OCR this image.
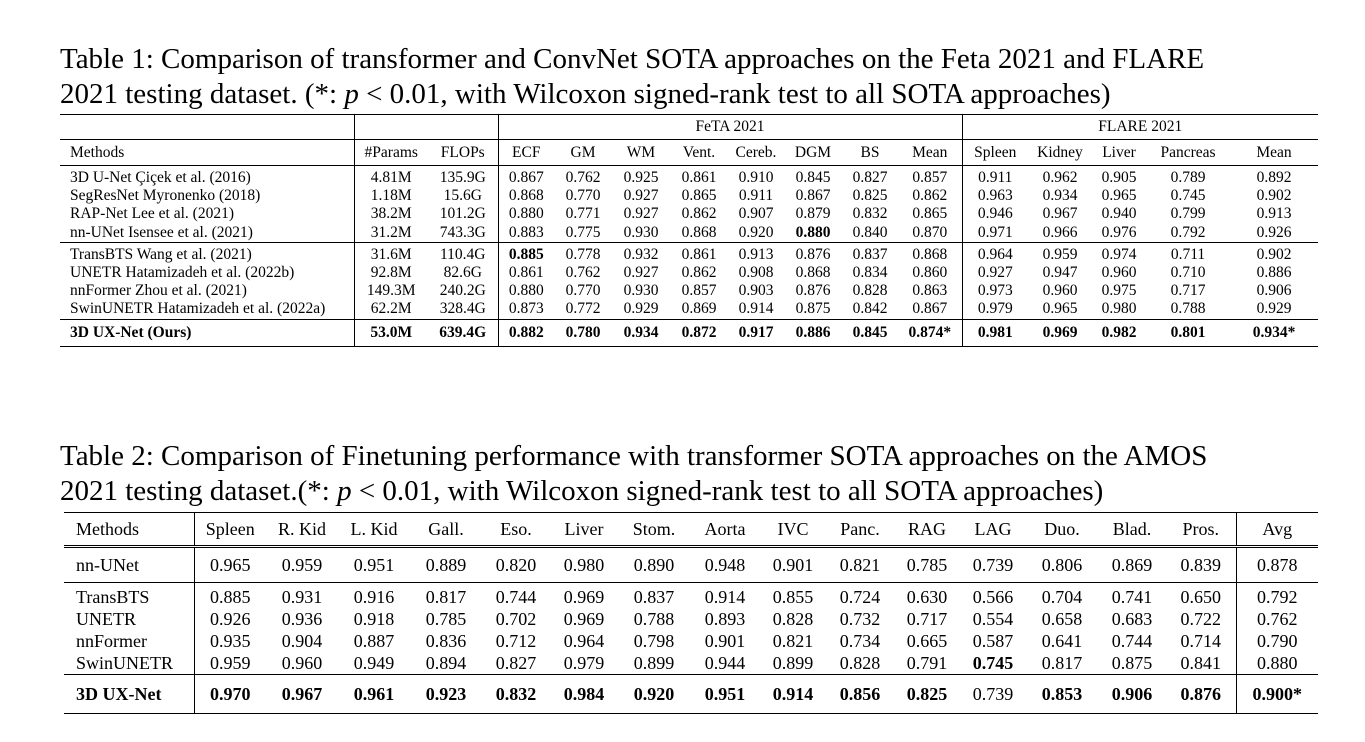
Table 1: Comparison of transformer and ConvNet SOTA approaches on the Feta 2021 and FLARE
2021 testing dataset. (*: p < 0.01, with Wilcoxon signed-rank test to all SOTA approaches)
			FeTA 2021								FLARE 2021				
Methods	#Params	FLOPs	ECF	GM	WM	Vent.	Cereb.	DGM	BS	Mean	Spleen	Kidney	Liver	Pancreas	Mean
3D U-Net Çiçek et al. (2016)	4.81M	135.9G	0.867	0.762	0.925	0.861	0.910	0.845	0.827	0.857	0.911	0.962	0.905	0.789	0.892
SegResNet Myronenko (2018)	1.18M	15.6G	0.868	0.770	0.927	0.865	0.911	0.867	0.825	0.862	0.963	0.934	0.965	0.745	0.902
RAP-Net Lee et al. (2021)	38.2M	101.2G	0.880	0.771	0.927	0.862	0.907	0.879	0.832	0.865	0.946	0.967	0.940	0.799	0.913
nn-UNet Isensee et al. (2021)	31.2M	743.3G	0.883	0.775	0.930	0.868	0.920	0.880	0.840	0.870	0.971	0.966	0.976	0.792	0.926
TransBTS Wang et al. (2021)	31.6M	110.4G	0.885	0.778	0.932	0.861	0.913	0.876	0.837	0.868	0.964	0.959	0.974	0.711	0.902
UNETR Hatamizadeh et al. (2022b)	92.8M	82.6G	0.861	0.762	0.927	0.862	0.908	0.868	0.834	0.860	0.927	0.947	0.960	0.710	0.886
nnFormer Zhou et al. (2021)	149.3M	240.2G	0.880	0.770	0.930	0.857	0.903	0.876	0.828	0.863	0.973	0.960	0.975	0.717	0.906
SwinUNETR Hatamizadeh et al. (2022a)	62.2M	328.4G	0.873	0.772	0.929	0.869	0.914	0.875	0.842	0.867	0.979	0.965	0.980	0.788	0.929
3D UX-Net (Ours)	53.0M	639.4G	0.882	0.780	0.934	0.872	0.917	0.886	0.845	0.874*	0.981	0.969	0.982	0.801	0.934*
Table 2: Comparison of Finetuning performance with transformer SOTA approaches on the AMOS
2021 testing dataset.(*: p < 0.01, with Wilcoxon signed-rank test to all SOTA approaches)
Methods	Spleen	R. Kid	L. Kid	Gall.	Eso.	Liver	Stom.	Aorta	IVC	Panc.	RAG	LAG	Duo.	Blad.	Pros.	Avg
nn-UNet	0.965	0.959	0.951	0.889	0.820	0.980	0.890	0.948	0.901	0.821	0.785	0.739	0.806	0.869	0.839	0.878
TransBTS	0.885	0.931	0.916	0.817	0.744	0.969	0.837	0.914	0.855	0.724	0.630	0.566	0.704	0.741	0.650	0.792
UNETR	0.926	0.936	0.918	0.785	0.702	0.969	0.788	0.893	0.828	0.732	0.717	0.554	0.658	0.683	0.722	0.762
nnFormer	0.935	0.904	0.887	0.836	0.712	0.964	0.798	0.901	0.821	0.734	0.665	0.587	0.641	0.744	0.714	0.790
SwinUNETR	0.959	0.960	0.949	0.894	0.827	0.979	0.899	0.944	0.899	0.828	0.791	0.745	0.817	0.875	0.841	0.880
3D UX-Net	0.970	0.967	0.961	0.923	0.832	0.984	0.920	0.951	0.914	0.856	0.825	0.739	0.853	0.906	0.876	0.900*
